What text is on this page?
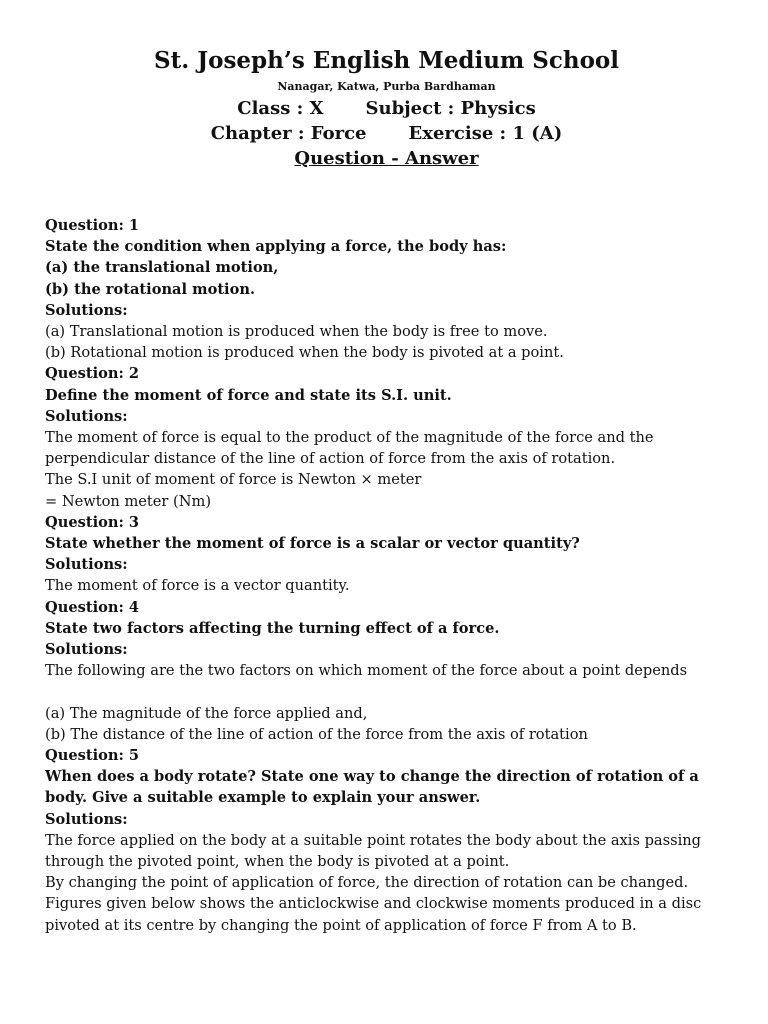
St. Joseph’s English Medium School

Nanagar, Katwa, Purba Bardhaman

Class : X Subject : Physics

Chapter : Force Exercise : 1 (A)

Question - Answer

Question: 1

State the condition when applying a force, the body has:

(a) the translational motion,

(b) the rotational motion.

Solutions:

(a) Translational motion is produced when the body is free to move.

(b) Rotational motion is produced when the body is pivoted at a point.

Question: 2

Define the moment of force and state its S.I. unit.

Solutions:

The moment of force is equal to the product of the magnitude of the force and the

perpendicular distance of the line of action of force from the axis of rotation.

The S.I unit of moment of force is Newton × meter

= Newton meter (Nm)

Question: 3

State whether the moment of force is a scalar or vector quantity?

Solutions:

The moment of force is a vector quantity.

Question: 4

State two factors affecting the turning effect of a force.

Solutions:

The following are the two factors on which moment of the force about a point depends

(a) The magnitude of the force applied and,

(b) The distance of the line of action of the force from the axis of rotation

Question: 5

When does a body rotate? State one way to change the direction of rotation of a

body. Give a suitable example to explain your answer.

Solutions:

The force applied on the body at a suitable point rotates the body about the axis passing

through the pivoted point, when the body is pivoted at a point.

By changing the point of application of force, the direction of rotation can be changed.

Figures given below shows the anticlockwise and clockwise moments produced in a disc

pivoted at its centre by changing the point of application of force F from A to B.
